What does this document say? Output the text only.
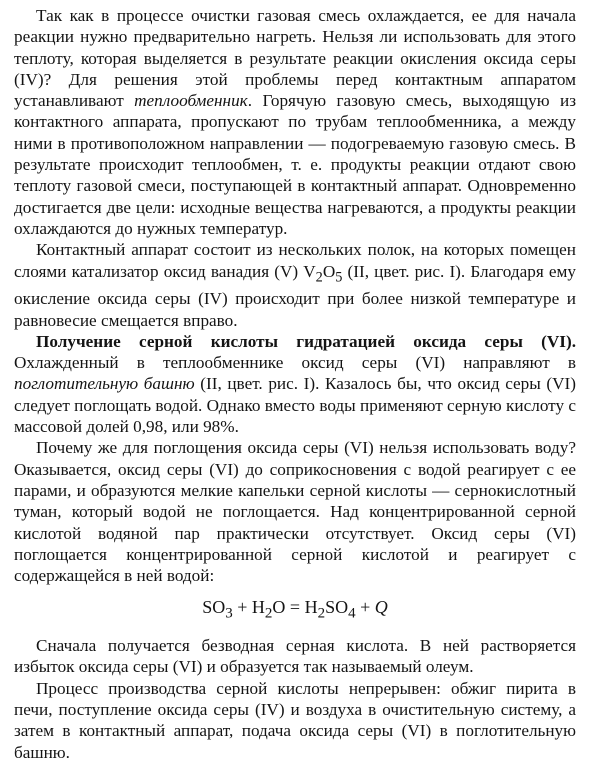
Так как в процессе очистки газовая смесь охлаждается, ее для начала реакции нужно предварительно нагреть. Нельзя ли использовать для этого теплоту, которая выделяется в результате реакции окисления оксида серы (IV)? Для решения этой проблемы перед контактным аппаратом устанавливают теплообменник. Горячую газовую смесь, выходящую из контактного аппарата, пропускают по трубам теплообменника, а между ними в противоположном направлении — подогреваемую газовую смесь. В результате происходит теплообмен, т. е. продукты реакции отдают свою теплоту газовой смеси, поступающей в контактный аппарат. Одновременно достигается две цели: исходные вещества нагреваются, а продукты реакции охлаждаются до нужных температур.

Контактный аппарат состоит из нескольких полок, на которых помещен слоями катализатор оксид ванадия (V) $V_2O_5$ (II, цвет. рис. I). Благодаря ему окисление оксида серы (IV) происходит при более низкой температуре и равновесие смещается вправо.

Получение серной кислоты гидратацией оксида серы (VI). Охлажденный в теплообменнике оксид серы (VI) направляют в поглотительную башню (II, цвет. рис. I). Казалось бы, что оксид серы (VI) следует поглощать водой. Однако вместо воды применяют серную кислоту с массовой долей 0,98, или 98%.

Почему же для поглощения оксида серы (VI) нельзя использовать воду? Оказывается, оксид серы (VI) до соприкосновения с водой реагирует с ее парами, и образуются мелкие капельки серной кислоты — сернокислотный туман, который водой не поглощается. Над концентрированной серной кислотой водяной пар практически отсутствует. Оксид серы (VI) поглощается концентрированной серной кислотой и реагирует с содержащейся в ней водой:

$SO_3 + H_2O = H_2SO_4 + Q$

Сначала получается безводная серная кислота. В ней растворяется избыток оксида серы (VI) и образуется так называемый олеум.

Процесс производства серной кислоты непрерывен: обжиг пирита в печи, поступление оксида серы (IV) и воздуха в очистительную систему, а затем в контактный аппарат, подача оксида серы (VI) в поглотительную башню.
